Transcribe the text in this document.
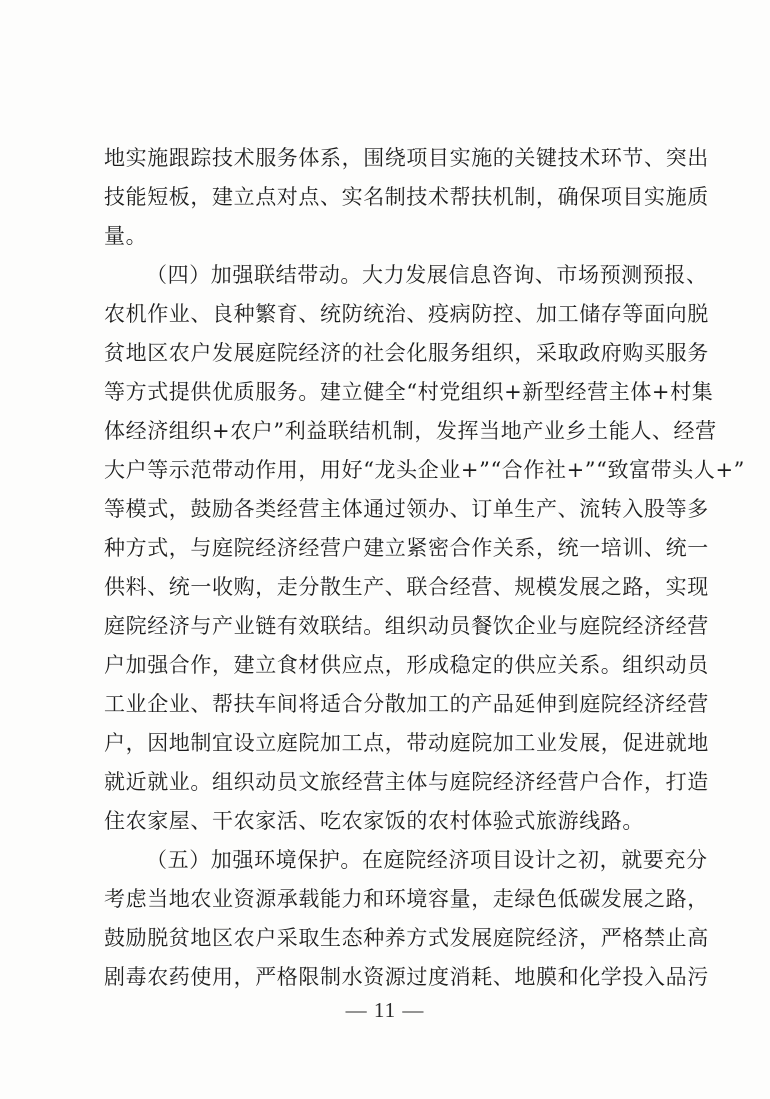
地实施跟踪技术服务体系，围绕项目实施的关键技术环节、突出
技能短板，建立点对点、实名制技术帮扶机制，确保项目实施质
量。
（四）加强联结带动。大力发展信息咨询、市场预测预报、
农机作业、良种繁育、统防统治、疫病防控、加工储存等面向脱
贫地区农户发展庭院经济的社会化服务组织，采取政府购买服务
等方式提供优质服务。建立健全“村党组织+新型经营主体+村集
体经济组织+农户”利益联结机制，发挥当地产业乡土能人、经营
大户等示范带动作用，用好“龙头企业+”“合作社+”“致富带头人+”
等模式，鼓励各类经营主体通过领办、订单生产、流转入股等多
种方式，与庭院经济经营户建立紧密合作关系，统一培训、统一
供料、统一收购，走分散生产、联合经营、规模发展之路，实现
庭院经济与产业链有效联结。组织动员餐饮企业与庭院经济经营
户加强合作，建立食材供应点，形成稳定的供应关系。组织动员
工业企业、帮扶车间将适合分散加工的产品延伸到庭院经济经营
户，因地制宜设立庭院加工点，带动庭院加工业发展，促进就地
就近就业。组织动员文旅经营主体与庭院经济经营户合作，打造
住农家屋、干农家活、吃农家饭的农村体验式旅游线路。
（五）加强环境保护。在庭院经济项目设计之初，就要充分
考虑当地农业资源承载能力和环境容量，走绿色低碳发展之路，
鼓励脱贫地区农户采取生态种养方式发展庭院经济，严格禁止高
剧毒农药使用，严格限制水资源过度消耗、地膜和化学投入品污
— 11 —
